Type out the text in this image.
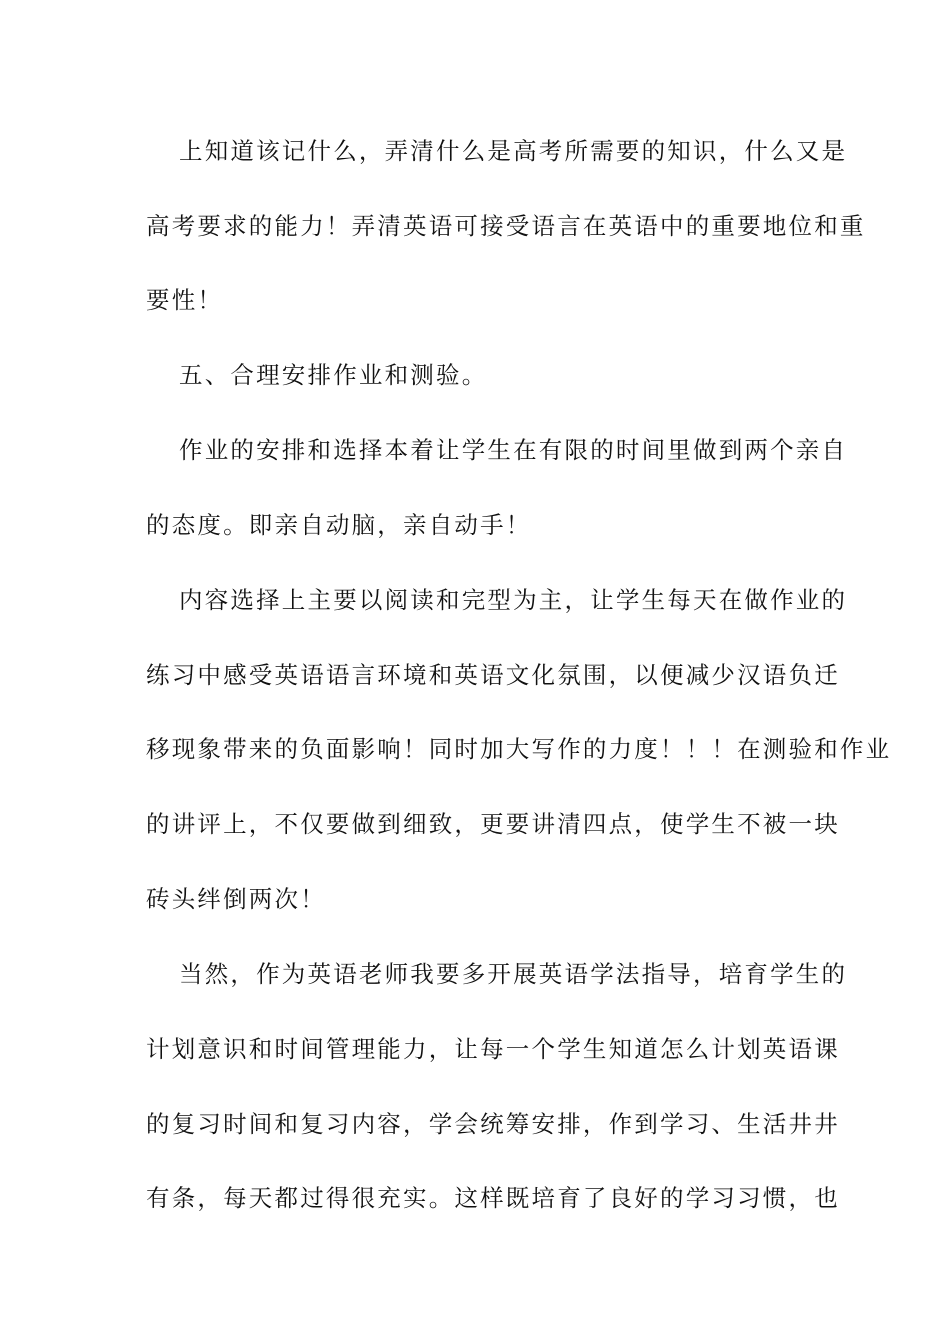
上知道该记什么，弄清什么是高考所需要的知识，什么又是
高考要求的能力！弄清英语可接受语言在英语中的重要地位和重
要性！
五、合理安排作业和测验。
作业的安排和选择本着让学生在有限的时间里做到两个亲自
的态度。即亲自动脑，亲自动手！
内容选择上主要以阅读和完型为主，让学生每天在做作业的
练习中感受英语语言环境和英语文化氛围，以便减少汉语负迁
移现象带来的负面影响！同时加大写作的力度！！！在测验和作业
的讲评上，不仅要做到细致，更要讲清四点，使学生不被一块
砖头绊倒两次！
当然，作为英语老师我要多开展英语学法指导，培育学生的
计划意识和时间管理能力，让每一个学生知道怎么计划英语课
的复习时间和复习内容，学会统筹安排，作到学习、生活井井
有条，每天都过得很充实。这样既培育了良好的学习习惯，也
